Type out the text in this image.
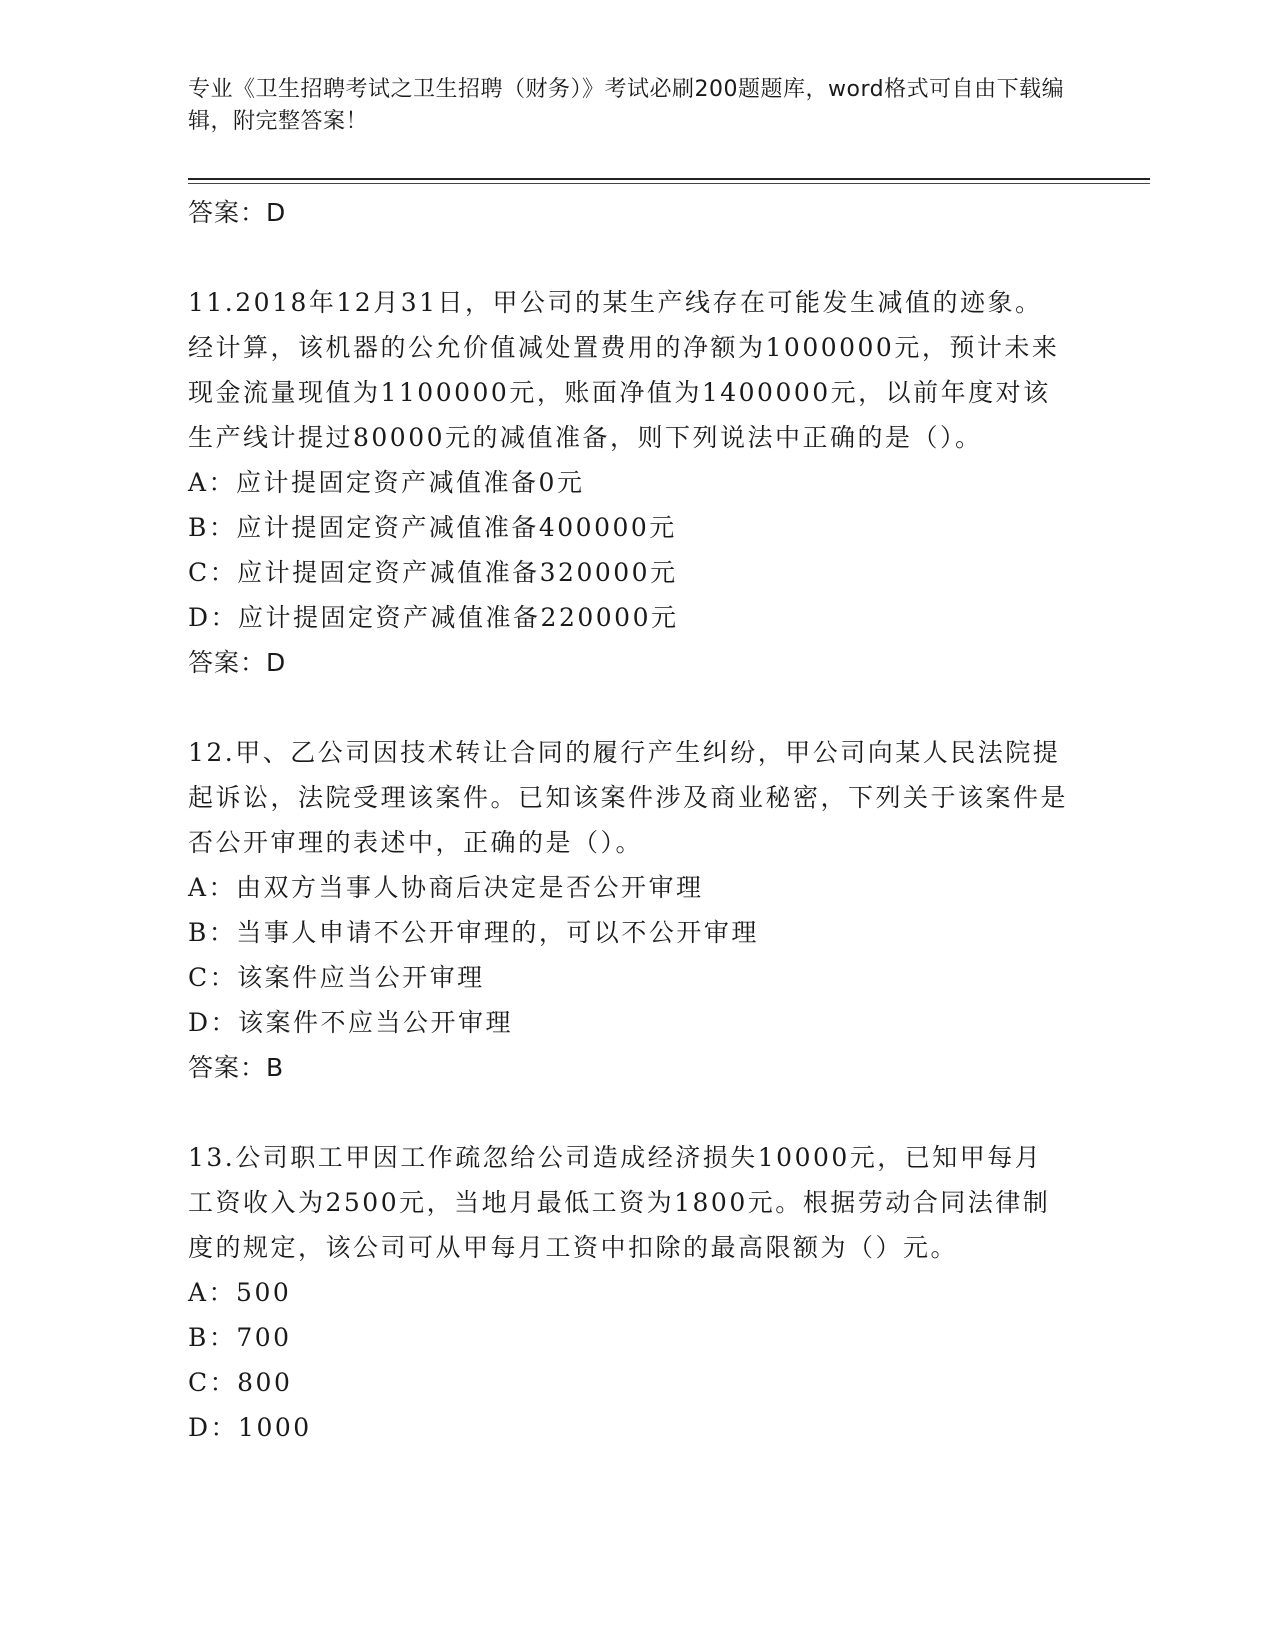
专业《卫生招聘考试之卫生招聘（财务）》考试必刷200题题库，word格式可自由下载编辑，附完整答案！
答案：D
11.2018年12月31日，甲公司的某生产线存在可能发生减值的迹象。经计算，该机器的公允价值减处置费用的净额为1000000元，预计未来现金流量现值为1100000元，账面净值为1400000元，以前年度对该生产线计提过80000元的减值准备，则下列说法中正确的是（）。
A：应计提固定资产减值准备0元
B：应计提固定资产减值准备400000元
C：应计提固定资产减值准备320000元
D：应计提固定资产减值准备220000元
答案：D
12.甲、乙公司因技术转让合同的履行产生纠纷，甲公司向某人民法院提起诉讼，法院受理该案件。已知该案件涉及商业秘密，下列关于该案件是否公开审理的表述中，正确的是（）。
A：由双方当事人协商后决定是否公开审理
B：当事人申请不公开审理的，可以不公开审理
C：该案件应当公开审理
D：该案件不应当公开审理
答案：B
13.公司职工甲因工作疏忽给公司造成经济损失10000元，已知甲每月工资收入为2500元，当地月最低工资为1800元。根据劳动合同法律制度的规定，该公司可从甲每月工资中扣除的最高限额为（）元。
A：500
B：700
C：800
D：1000
